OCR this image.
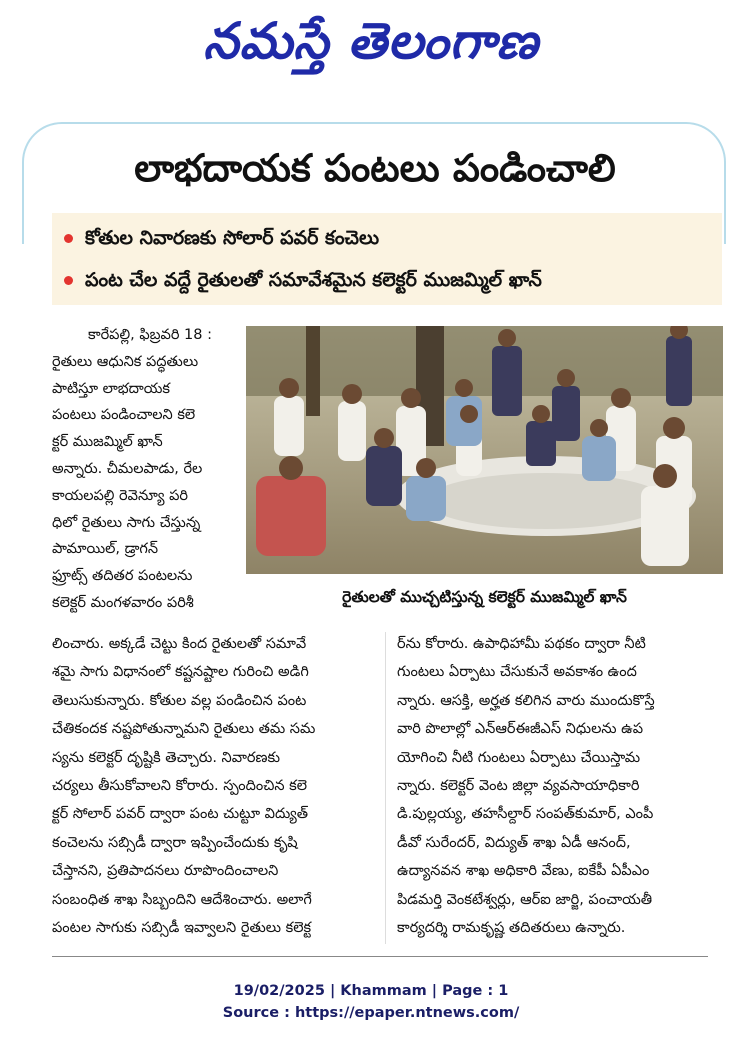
నమస్తే తెలంగాణ
లాభదాయక పంటలు పండించాలి
కోతుల నివారణకు సోలార్ పవర్ కంచెలు
పంట చేల వద్దే రైతులతో సమావేశమైన కలెక్టర్ ముజమ్మిల్ ఖాన్

కారేపల్లి, ఫిబ్రవరి 18 :

రైతులు ఆధునిక పద్ధతులు

పాటిస్తూ లాభదాయక

పంటలు పండించాలని కలె

క్టర్ ముజమ్మిల్ ఖాన్

అన్నారు. చీమలపాడు, రేల

కాయలపల్లి రెవెన్యూ పరి

ధిలో రైతులు సాగు చేస్తున్న

పామాయిల్, డ్రాగన్

ఫ్రూట్స్ తదితర పంటలను

కలెక్టర్ మంగళవారం పరిశీ	రైతులతో ముచ్చటిస్తున్న కలెక్టర్ ముజమ్మిల్ ఖాన్

లించారు. అక్కడే చెట్టు కింద రైతులతో సమావే

శమై సాగు విధానంలో కష్టనష్టాల గురించి అడిగి

తెలుసుకున్నారు. కోతుల వల్ల పండించిన పంట

చేతికందక నష్టపోతున్నామని రైతులు తమ సమ

స్యను కలెక్టర్ దృష్టికి తెచ్చారు. నివారణకు

చర్యలు తీసుకోవాలని కోరారు. స్పందించిన కలె

క్టర్ సోలార్ పవర్ ద్వారా పంట చుట్టూ విద్యుత్

కంచెలను సబ్సిడీ ద్వారా ఇప్పించేందుకు కృషి

చేస్తానని, ప్రతిపాదనలు రూపొందించాలని

సంబంధిత శాఖ సిబ్బందిని ఆదేశించారు. అలాగే

పంటల సాగుకు సబ్సిడీ ఇవ్వాలని రైతులు కలెక్ట

ర్‌ను కోరారు. ఉపాధిహామీ పథకం ద్వారా నీటి

గుంటలు ఏర్పాటు చేసుకునే అవకాశం ఉంద

న్నారు. ఆసక్తి, అర్హత కలిగిన వారు ముందుకొస్తే

వారి పొలాల్లో ఎన్‌ఆర్‌ఈజీఎస్ నిధులను ఉప

యోగించి నీటి గుంటలు ఏర్పాటు చేయిస్తామ

న్నారు. కలెక్టర్ వెంట జిల్లా వ్యవసాయాధికారి

డి.పుల్లయ్య, తహసీల్దార్ సంపత్‌కుమార్, ఎంపీ

డీవో సురేందర్, విద్యుత్ శాఖ ఏడీ ఆనంద్,

ఉద్యానవన శాఖ అధికారి వేణు, ఐకేపీ ఏపీఎం

పిడమర్తి వెంకటేశ్వర్లు, ఆర్‌ఐ జార్జి, పంచాయతీ

కార్యదర్శి రామకృష్ణ తదితరులు ఉన్నారు.

19/02/2025 | Khammam | Page : 1
Source : https://epaper.ntnews.com/
